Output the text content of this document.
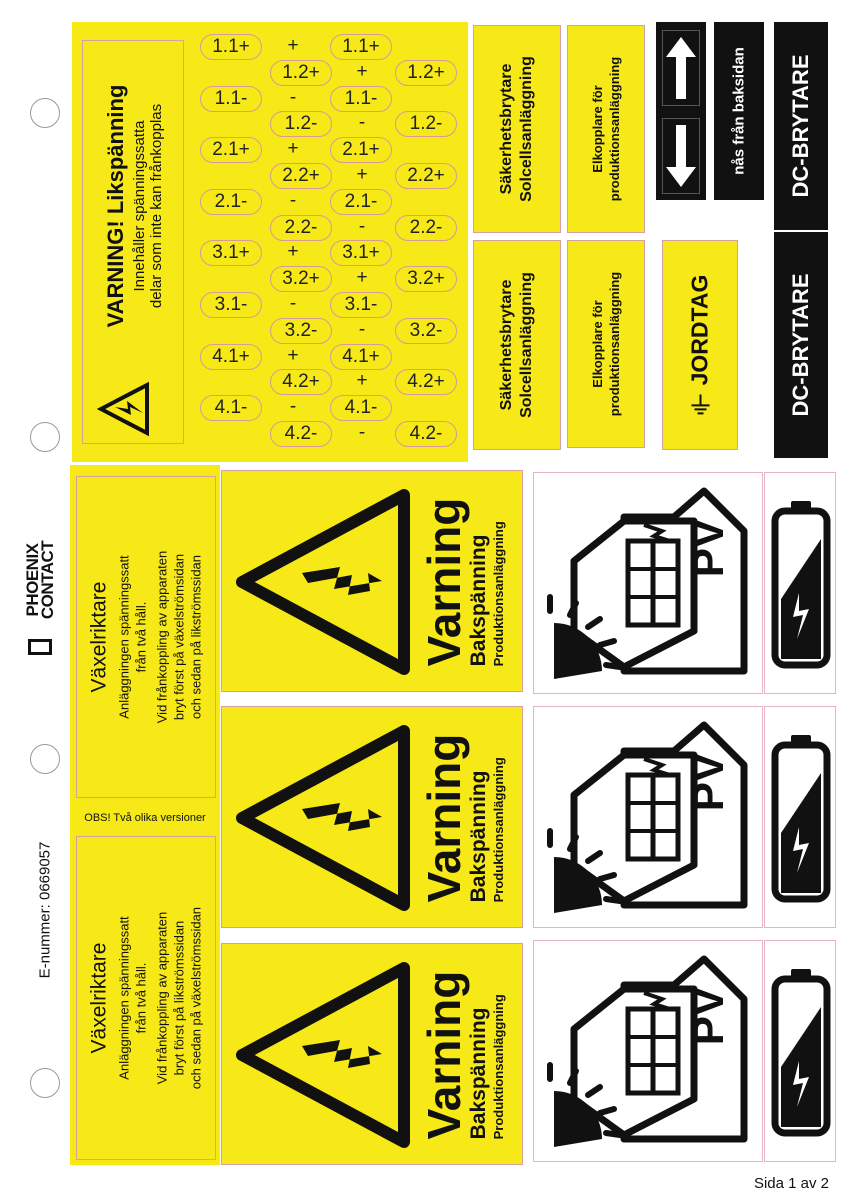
PHOENIX
CONTACT
E-nummer: 0669057
Sida 1 av 2
VARNING! Likspänning Innehåller spänningssatta delar som inte kan frånkopplas
1.1+	+	1.1+
1.2+	+	1.2+
1.1-	-	1.1-
1.2-	-	1.2-
2.1+	+	2.1+
2.2+	+	2.2+
2.1-	-	2.1-
2.2-	-	2.2-
3.1+	+	3.1+
3.2+	+	3.2+
3.1-	-	3.1-
3.2-	-	3.2-
4.1+	+	4.1+
4.2+	+	4.2+
4.1-	-	4.1-
4.2-	-	4.2-
Säkerhetsbrytare Solcellsanläggning
Säkerhetsbrytare Solcellsanläggning
Elkopplare för produktionsanläggning
Elkopplare för produktionsanläggning	JORDTAG
nås från baksidan DC-BRYTARE
DC-BRYTARE
Växelriktare Anläggningen spänningssatt från två håll. Vid frånkoppling av apparaten bryt först på växelströmsidan och sedan på likströmssidan
OBS! Två olika versioner
Växelriktare Anläggningen spänningssatt från två håll. Vid frånkoppling av apparaten bryt först på likströmssidan och sedan på växelströmssidan
Varning
Bakspänning Produktionsanläggning
Varning
Bakspänning Produktionsanläggning
Varning
Bakspänning Produktionsanläggning
PV
PV
PV
